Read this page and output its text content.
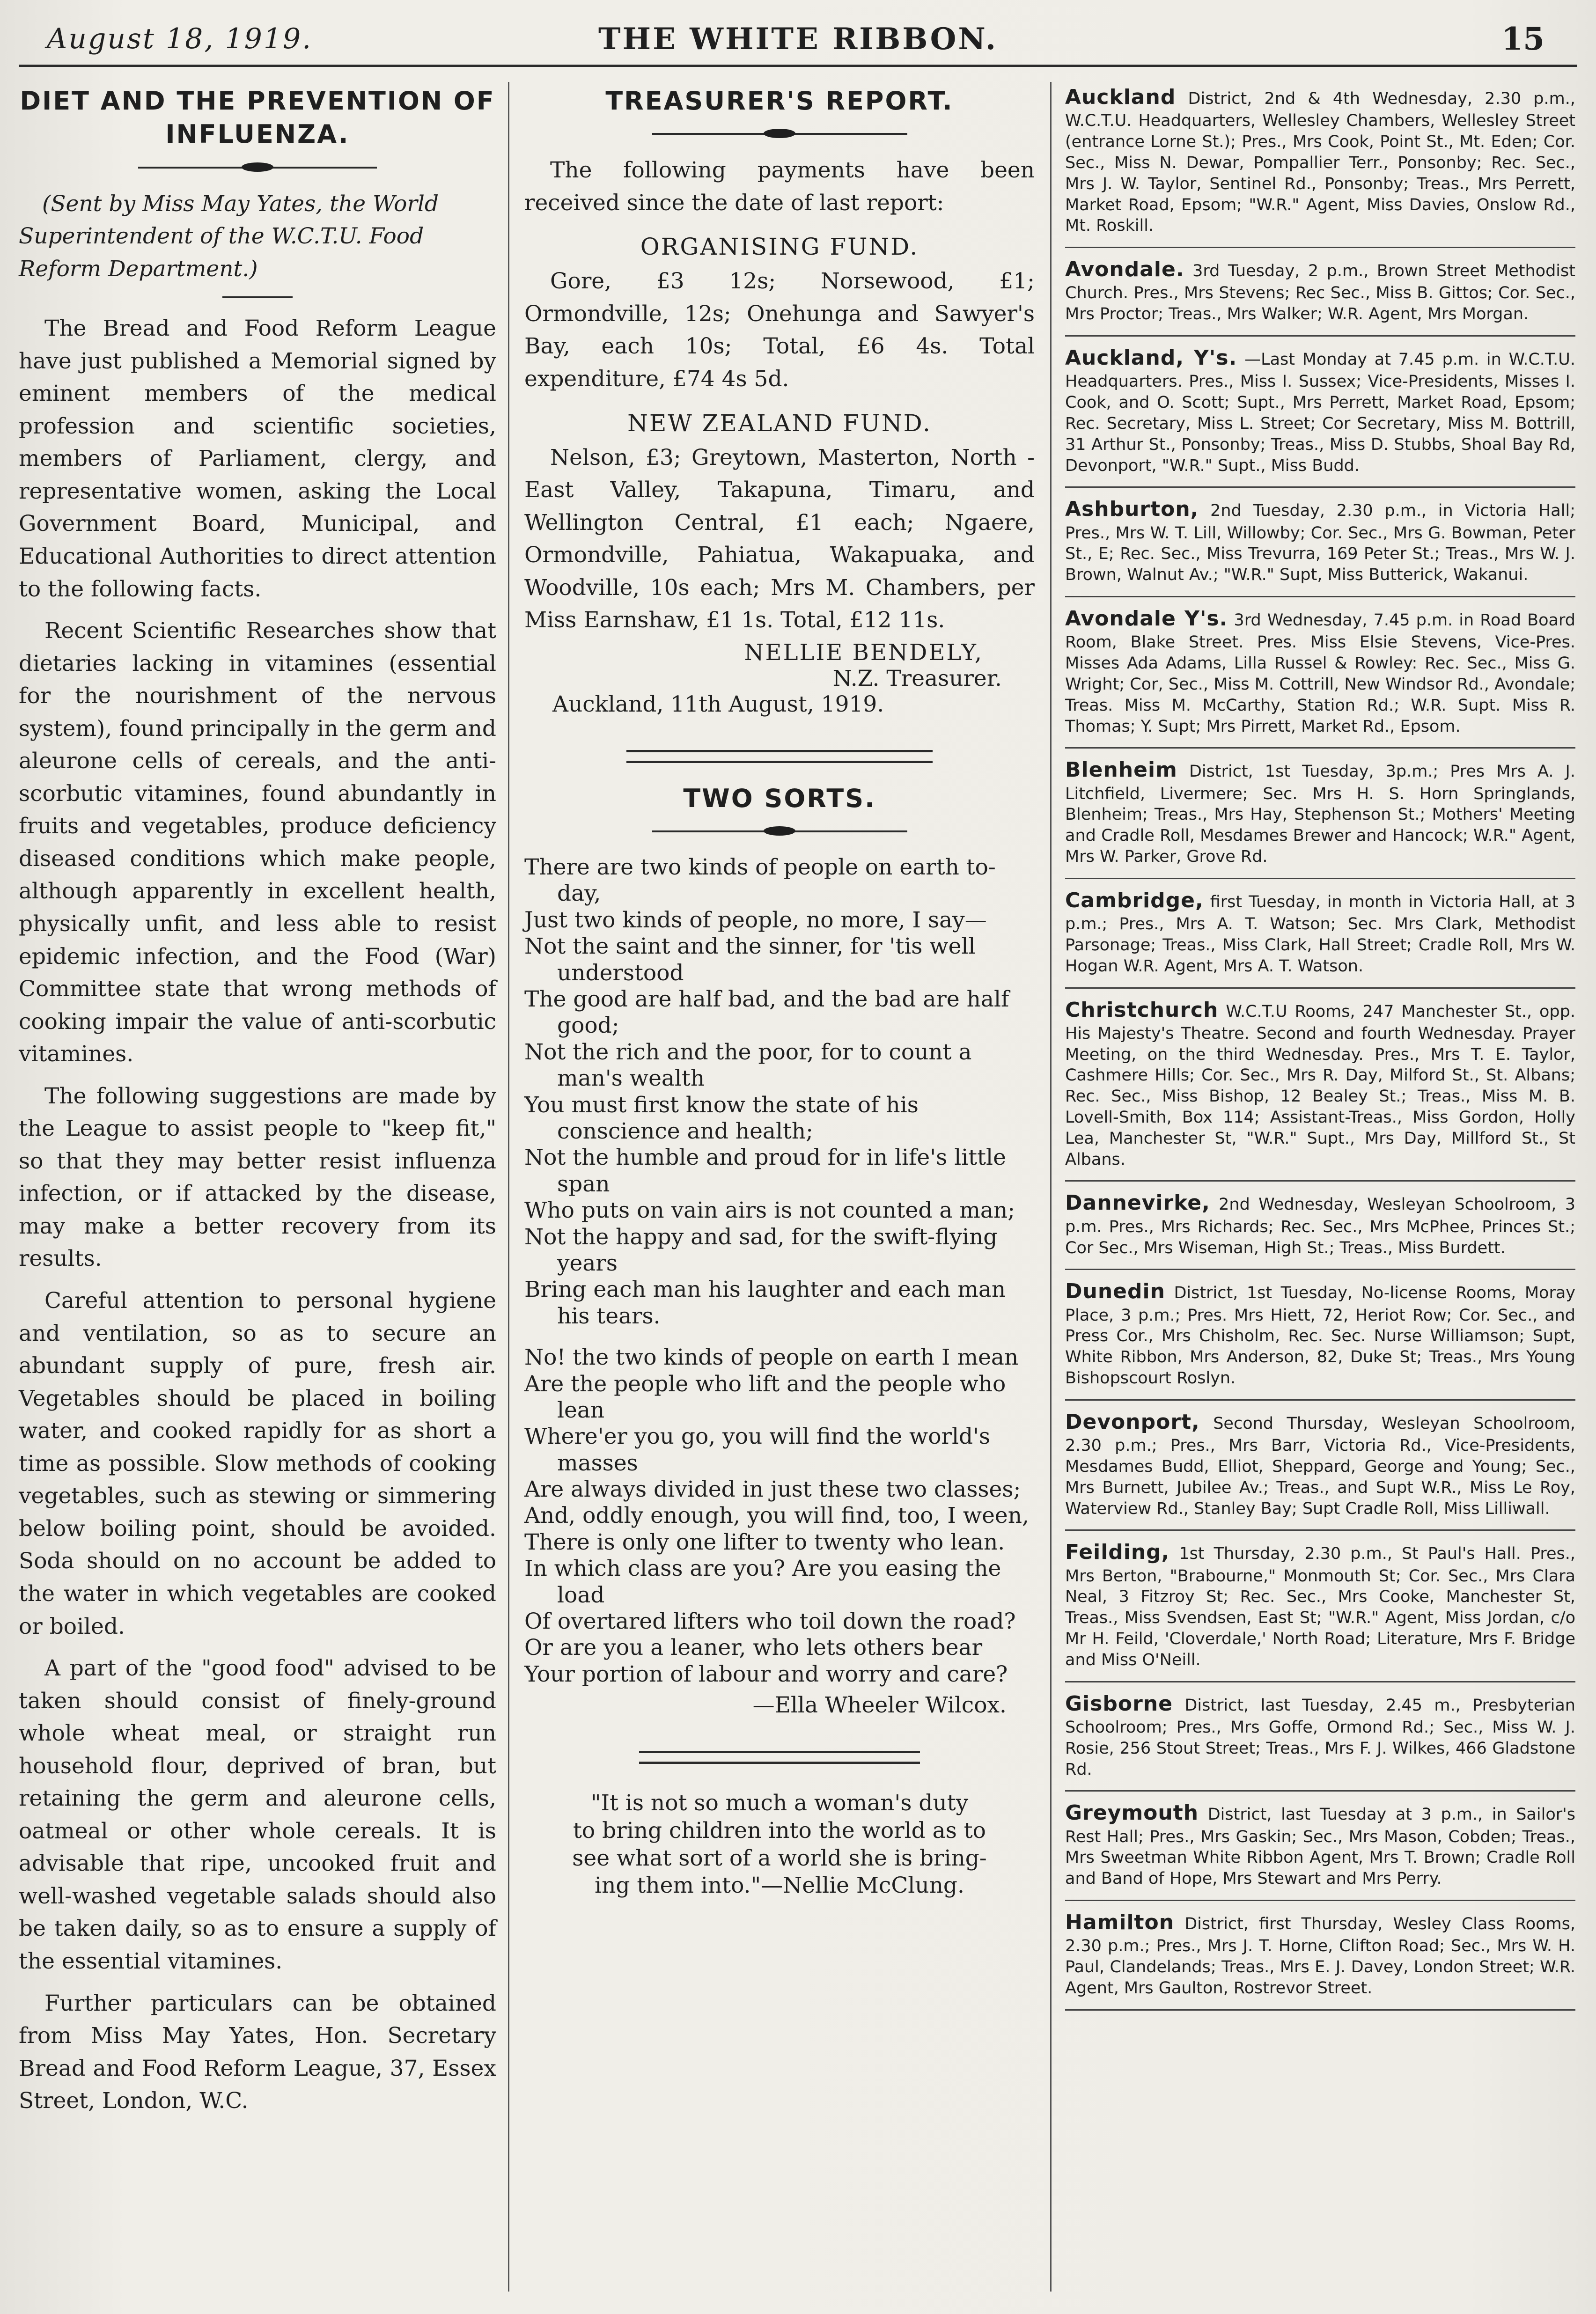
August 18, 1919.	THE WHITE RIBBON.	15
DIET AND THE PREVENTION OF INFLUENZA.

(Sent by Miss May Yates, the World Superintendent of the W.C.T.U. Food Reform Department.)

The Bread and Food Reform League have just published a Memorial signed by eminent members of the medical profession and scientific societies, members of Parliament, clergy, and representative women, asking the Local Government Board, Municipal, and Educational Authorities to direct attention to the following facts.

Recent Scientific Researches show that dietaries lacking in vitamines (essential for the nourishment of the nervous system), found principally in the germ and aleurone cells of cereals, and the anti-scorbutic vitamines, found abundantly in fruits and vegetables, produce deficiency diseased conditions which make people, although apparently in excellent health, physically unfit, and less able to resist epidemic infection, and the Food (War) Committee state that wrong methods of cooking impair the value of anti-scorbutic vitamines.

The following suggestions are made by the League to assist people to "keep fit," so that they may better resist influenza infection, or if attacked by the disease, may make a better recovery from its results.

Careful attention to personal hygiene and ventilation, so as to secure an abundant supply of pure, fresh air. Vegetables should be placed in boiling water, and cooked rapidly for as short a time as possible. Slow methods of cooking vegetables, such as stewing or simmering below boiling point, should be avoided. Soda should on no account be added to the water in which vegetables are cooked or boiled.

A part of the "good food" advised to be taken should consist of finely-ground whole wheat meal, or straight run household flour, deprived of bran, but retaining the germ and aleurone cells, oatmeal or other whole cereals. It is advisable that ripe, uncooked fruit and well-washed vegetable salads should also be taken daily, so as to ensure a supply of the essential vitamines.

Further particulars can be obtained from Miss May Yates, Hon. Secretary Bread and Food Reform League, 37, Essex Street, London, W.C.

TREASURER'S REPORT.

The following payments have been received since the date of last report:

ORGANISING FUND.

Gore, £3 12s; Norsewood, £1; Ormondville, 12s; Onehunga and Sawyer's Bay, each 10s; Total, £6 4s. Total expenditure, £74 4s 5d.

NEW ZEALAND FUND.

Nelson, £3; Greytown, Masterton, North - East Valley, Takapuna, Timaru, and Wellington Central, £1 each; Ngaere, Ormondville, Pahiatua, Wakapuaka, and Woodville, 10s each; Mrs M. Chambers, per Miss Earnshaw, £1 1s. Total, £12 11s.

NELLIE BENDELY,
N.Z. Treasurer.
Auckland, 11th August, 1919.
TWO SORTS.

There are two kinds of people on earth to-day,

Just two kinds of people, no more, I say—

Not the saint and the sinner, for 'tis well understood

The good are half bad, and the bad are half good;

Not the rich and the poor, for to count a man's wealth

You must first know the state of his conscience and health;

Not the humble and proud for in life's little span

Who puts on vain airs is not counted a man;

Not the happy and sad, for the swift-flying years

Bring each man his laughter and each man his tears.

No! the two kinds of people on earth I mean

Are the people who lift and the people who lean

Where'er you go, you will find the world's masses

Are always divided in just these two classes;

And, oddly enough, you will find, too, I ween,

There is only one lifter to twenty who lean.

In which class are you? Are you easing the load

Of overtared lifters who toil down the road?

Or are you a leaner, who lets others bear

Your portion of labour and worry and care?

—Ella Wheeler Wilcox.

"It is not so much a woman's duty

to bring children into the world as to

see what sort of a world she is bring-

ing them into."—Nellie McClung.

Auckland District, 2nd & 4th Wednesday, 2.30 p.m., W.C.T.U. Headquarters, Wellesley Chambers, Wellesley Street (entrance Lorne St.); Pres., Mrs Cook, Point St., Mt. Eden; Cor. Sec., Miss N. Dewar, Pompallier Terr., Ponsonby; Rec. Sec., Mrs J. W. Taylor, Sentinel Rd., Ponsonby; Treas., Mrs Perrett, Market Road, Epsom; "W.R." Agent, Miss Davies, Onslow Rd., Mt. Roskill.

Avondale. 3rd Tuesday, 2 p.m., Brown Street Methodist Church. Pres., Mrs Stevens; Rec Sec., Miss B. Gittos; Cor. Sec., Mrs Proctor; Treas., Mrs Walker; W.R. Agent, Mrs Morgan.

Auckland, Y's. —Last Monday at 7.45 p.m. in W.C.T.U. Headquarters. Pres., Miss I. Sussex; Vice-Presidents, Misses I. Cook, and O. Scott; Supt., Mrs Perrett, Market Road, Epsom; Rec. Secretary, Miss L. Street; Cor Secretary, Miss M. Bottrill, 31 Arthur St., Ponsonby; Treas., Miss D. Stubbs, Shoal Bay Rd, Devonport, "W.R." Supt., Miss Budd.

Ashburton, 2nd Tuesday, 2.30 p.m., in Victoria Hall; Pres., Mrs W. T. Lill, Willowby; Cor. Sec., Mrs G. Bowman, Peter St., E; Rec. Sec., Miss Trevurra, 169 Peter St.; Treas., Mrs W. J. Brown, Walnut Av.; "W.R." Supt, Miss Butterick, Wakanui.

Avondale Y's. 3rd Wednesday, 7.45 p.m. in Road Board Room, Blake Street. Pres. Miss Elsie Stevens, Vice-Pres. Misses Ada Adams, Lilla Russel & Rowley: Rec. Sec., Miss G. Wright; Cor, Sec., Miss M. Cottrill, New Windsor Rd., Avondale; Treas. Miss M. McCarthy, Station Rd.; W.R. Supt. Miss R. Thomas; Y. Supt; Mrs Pirrett, Market Rd., Epsom.

Blenheim District, 1st Tuesday, 3p.m.; Pres Mrs A. J. Litchfield, Livermere; Sec. Mrs H. S. Horn Springlands, Blenheim; Treas., Mrs Hay, Stephenson St.; Mothers' Meeting and Cradle Roll, Mesdames Brewer and Hancock; W.R." Agent, Mrs W. Parker, Grove Rd.

Cambridge, first Tuesday, in month in Victoria Hall, at 3 p.m.; Pres., Mrs A. T. Watson; Sec. Mrs Clark, Methodist Parsonage; Treas., Miss Clark, Hall Street; Cradle Roll, Mrs W. Hogan W.R. Agent, Mrs A. T. Watson.

Christchurch W.C.T.U Rooms, 247 Manchester St., opp. His Majesty's Theatre. Second and fourth Wednesday. Prayer Meeting, on the third Wednesday. Pres., Mrs T. E. Taylor, Cashmere Hills; Cor. Sec., Mrs R. Day, Milford St., St. Albans; Rec. Sec., Miss Bishop, 12 Bealey St.; Treas., Miss M. B. Lovell-Smith, Box 114; Assistant-Treas., Miss Gordon, Holly Lea, Manchester St, "W.R." Supt., Mrs Day, Millford St., St Albans.

Dannevirke, 2nd Wednesday, Wesleyan Schoolroom, 3 p.m. Pres., Mrs Richards; Rec. Sec., Mrs McPhee, Princes St.; Cor Sec., Mrs Wiseman, High St.; Treas., Miss Burdett.

Dunedin District, 1st Tuesday, No-license Rooms, Moray Place, 3 p.m.; Pres. Mrs Hiett, 72, Heriot Row; Cor. Sec., and Press Cor., Mrs Chisholm, Rec. Sec. Nurse Williamson; Supt, White Ribbon, Mrs Anderson, 82, Duke St; Treas., Mrs Young Bishopscourt Roslyn.

Devonport, Second Thursday, Wesleyan Schoolroom, 2.30 p.m.; Pres., Mrs Barr, Victoria Rd., Vice-Presidents, Mesdames Budd, Elliot, Sheppard, George and Young; Sec., Mrs Burnett, Jubilee Av.; Treas., and Supt W.R., Miss Le Roy, Waterview Rd., Stanley Bay; Supt Cradle Roll, Miss Lilliwall.

Feilding, 1st Thursday, 2.30 p.m., St Paul's Hall. Pres., Mrs Berton, "Brabourne," Monmouth St; Cor. Sec., Mrs Clara Neal, 3 Fitzroy St; Rec. Sec., Mrs Cooke, Manchester St, Treas., Miss Svendsen, East St; "W.R." Agent, Miss Jordan, c/o Mr H. Feild, 'Cloverdale,' North Road; Literature, Mrs F. Bridge and Miss O'Neill.

Gisborne District, last Tuesday, 2.45 m., Presbyterian Schoolroom; Pres., Mrs Goffe, Ormond Rd.; Sec., Miss W. J. Rosie, 256 Stout Street; Treas., Mrs F. J. Wilkes, 466 Gladstone Rd.

Greymouth District, last Tuesday at 3 p.m., in Sailor's Rest Hall; Pres., Mrs Gaskin; Sec., Mrs Mason, Cobden; Treas., Mrs Sweetman White Ribbon Agent, Mrs T. Brown; Cradle Roll and Band of Hope, Mrs Stewart and Mrs Perry.

Hamilton District, first Thursday, Wesley Class Rooms, 2.30 p.m.; Pres., Mrs J. T. Horne, Clifton Road; Sec., Mrs W. H. Paul, Clandelands; Treas., Mrs E. J. Davey, London Street; W.R. Agent, Mrs Gaulton, Rostrevor Street.
